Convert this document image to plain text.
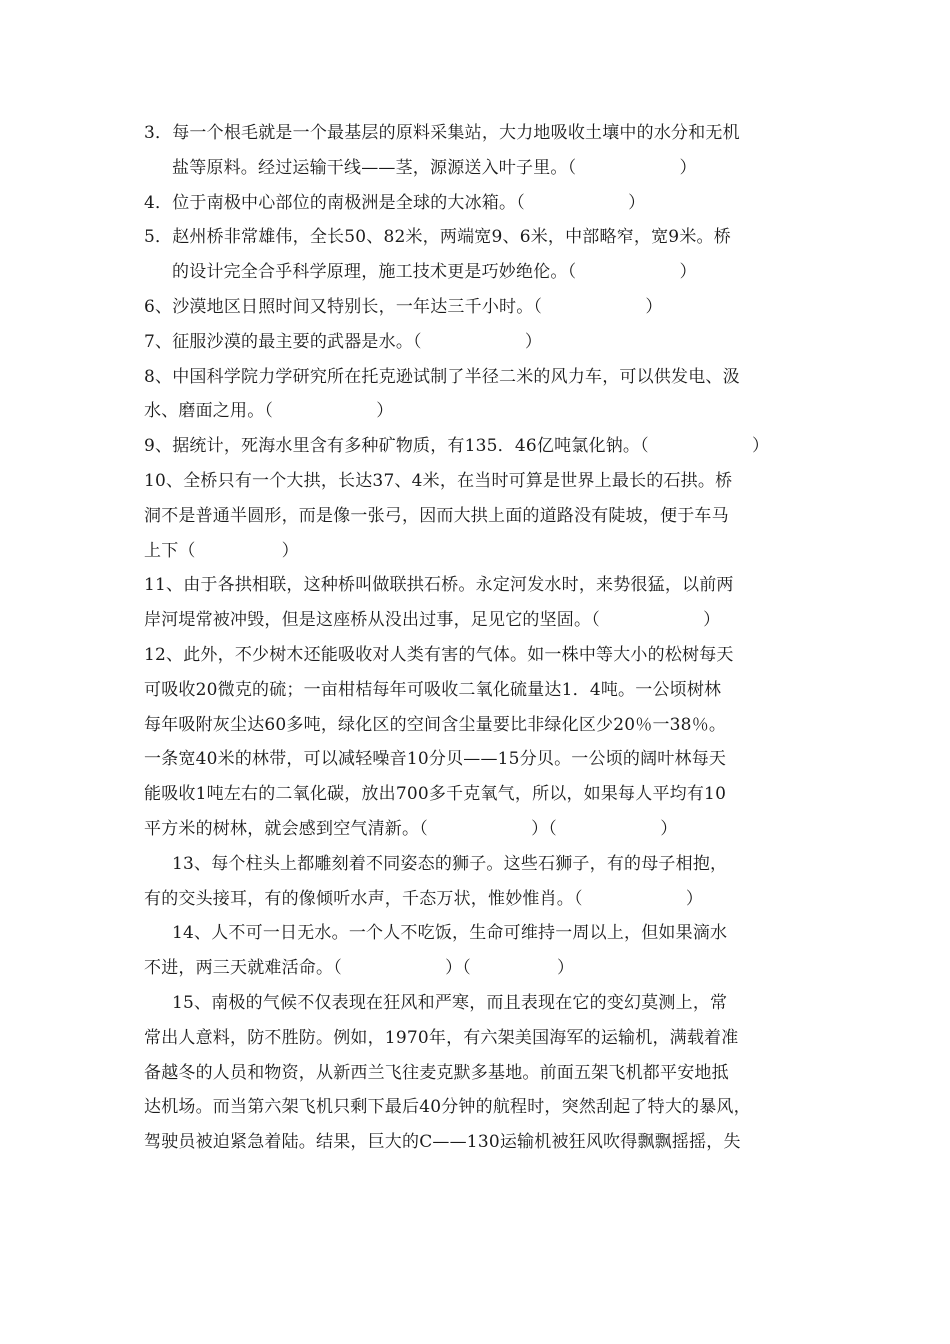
3．每一个根毛就是一个最基层的原料采集站，大力地吸收土壤中的水分和无机
盐等原料。经过运输干线——茎，源源送入叶子里。（　　　　　　）
4．位于南极中心部位的南极洲是全球的大冰箱。（　　　　　　）
5．赵州桥非常雄伟，全长50、82米，两端宽9、6米，中部略窄，宽9米。桥
的设计完全合乎科学原理，施工技术更是巧妙绝伦。（　　　　　　）
6、沙漠地区日照时间又特别长，一年达三千小时。（　　　　　　）
7、征服沙漠的最主要的武器是水。（　　　　　　）
8、中国科学院力学研究所在托克逊试制了半径二米的风力车，可以供发电、汲
水、磨面之用。（　　　　　　）
9、据统计，死海水里含有多种矿物质，有135．46亿吨氯化钠。（　　　　　　）
10、全桥只有一个大拱，长达37、4米，在当时可算是世界上最长的石拱。桥
洞不是普通半圆形，而是像一张弓，因而大拱上面的道路没有陡坡，便于车马
上下（　　　　　）
11、由于各拱相联，这种桥叫做联拱石桥。永定河发水时，来势很猛，以前两
岸河堤常被冲毁，但是这座桥从没出过事，足见它的坚固。（　　　　　　）
12、此外，不少树木还能吸收对人类有害的气体。如一株中等大小的松树每天
可吸收20微克的硫；一亩柑桔每年可吸收二氧化硫量达1．4吨。一公顷树林
每年吸附灰尘达60多吨，绿化区的空间含尘量要比非绿化区少20％一38％。
一条宽40米的林带，可以减轻噪音10分贝——15分贝。一公顷的阔叶林每天
能吸收1吨左右的二氧化碳，放出700多千克氧气，所以，如果每人平均有10
平方米的树林，就会感到空气清新。（　　　　　　）（　　　　　　）
13、每个柱头上都雕刻着不同姿态的狮子。这些石狮子，有的母子相抱，
有的交头接耳，有的像倾听水声，千态万状，惟妙惟肖。（　　　　　　）
14、人不可一日无水。一个人不吃饭，生命可维持一周以上，但如果滴水
不进，两三天就难活命。（　　　　　　）（　　　　　）
15、南极的气候不仅表现在狂风和严寒，而且表现在它的变幻莫测上，常
常出人意料，防不胜防。例如，1970年，有六架美国海军的运输机，满载着准
备越冬的人员和物资，从新西兰飞往麦克默多基地。前面五架飞机都平安地抵
达机场。而当第六架飞机只剩下最后40分钟的航程时，突然刮起了特大的暴风，
驾驶员被迫紧急着陆。结果，巨大的C——130运输机被狂风吹得飘飘摇摇，失
